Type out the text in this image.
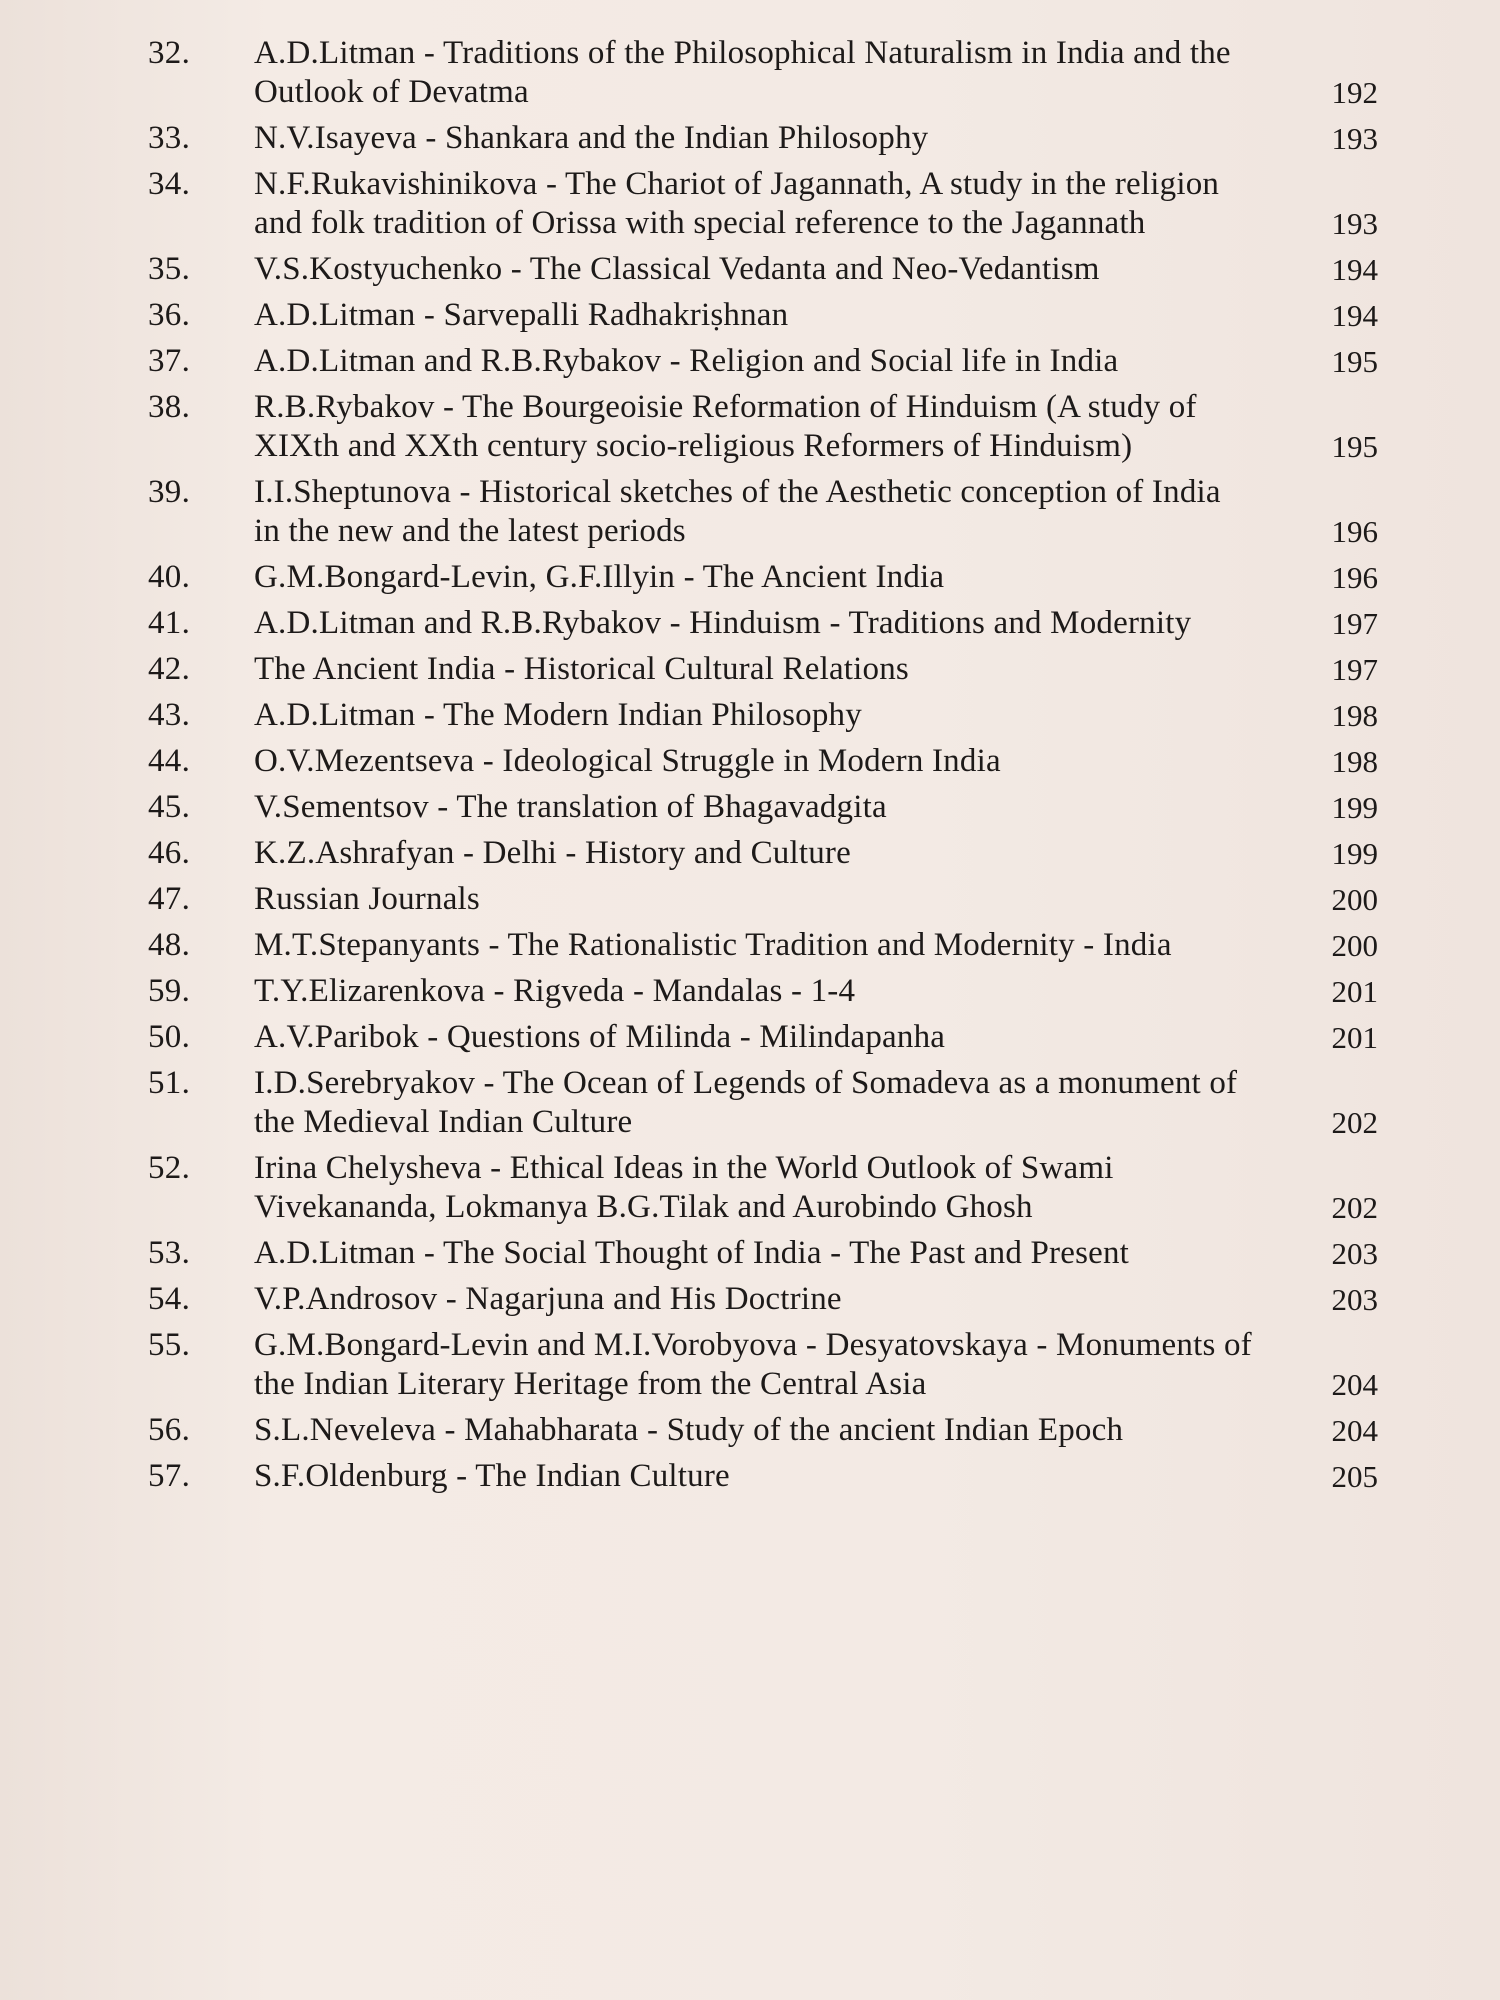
32.	A.D.Litman - Traditions of the Philosophical Naturalism in India and the Outlook of Devatma	192
33.	N.V.Isayeva - Shankara and the Indian Philosophy	193
34.	N.F.Rukavishinikova - The Chariot of Jagannath, A study in the religion and folk tradition of Orissa with special reference to the Jagannath	193
35.	V.S.Kostyuchenko - The Classical Vedanta and Neo-Vedantism	194
36.	A.D.Litman - Sarvepalli Radhakriṣhnan	194
37.	A.D.Litman and R.B.Rybakov - Religion and Social life in India	195
38.	R.B.Rybakov - The Bourgeoisie Reformation of Hinduism (A study of XIXth and XXth century socio-religious Reformers of Hinduism)	195
39.	I.I.Sheptunova - Historical sketches of the Aesthetic conception of India in the new and the latest periods	196
40.	G.M.Bongard-Levin, G.F.Illyin - The Ancient India	196
41.	A.D.Litman and R.B.Rybakov - Hinduism - Traditions and Modernity	197
42.	The Ancient India - Historical Cultural Relations	197
43.	A.D.Litman - The Modern Indian Philosophy	198
44.	O.V.Mezentseva - Ideological Struggle in Modern India	198
45.	V.Sementsov - The translation of Bhagavadgita	199
46.	K.Z.Ashrafyan - Delhi - History and Culture	199
47.	Russian Journals	200
48.	M.T.Stepanyants - The Rationalistic Tradition and Modernity - India	200
59.	T.Y.Elizarenkova - Rigveda - Mandalas - 1-4	201
50.	A.V.Paribok - Questions of Milinda - Milindapanha	201
51.	I.D.Serebryakov - The Ocean of Legends of Somadeva as a monument of the Medieval Indian Culture	202
52.	Irina Chelysheva - Ethical Ideas in the World Outlook of Swami Vivekananda, Lokmanya B.G.Tilak and Aurobindo Ghosh	202
53.	A.D.Litman - The Social Thought of India - The Past and Present	203
54.	V.P.Androsov - Nagarjuna and His Doctrine	203
55.	G.M.Bongard-Levin and M.I.Vorobyova - Desyatovskaya - Monuments of the Indian Literary Heritage from the Central Asia	204
56.	S.L.Neveleva - Mahabharata - Study of the ancient Indian Epoch	204
57.	S.F.Oldenburg - The Indian Culture	205
